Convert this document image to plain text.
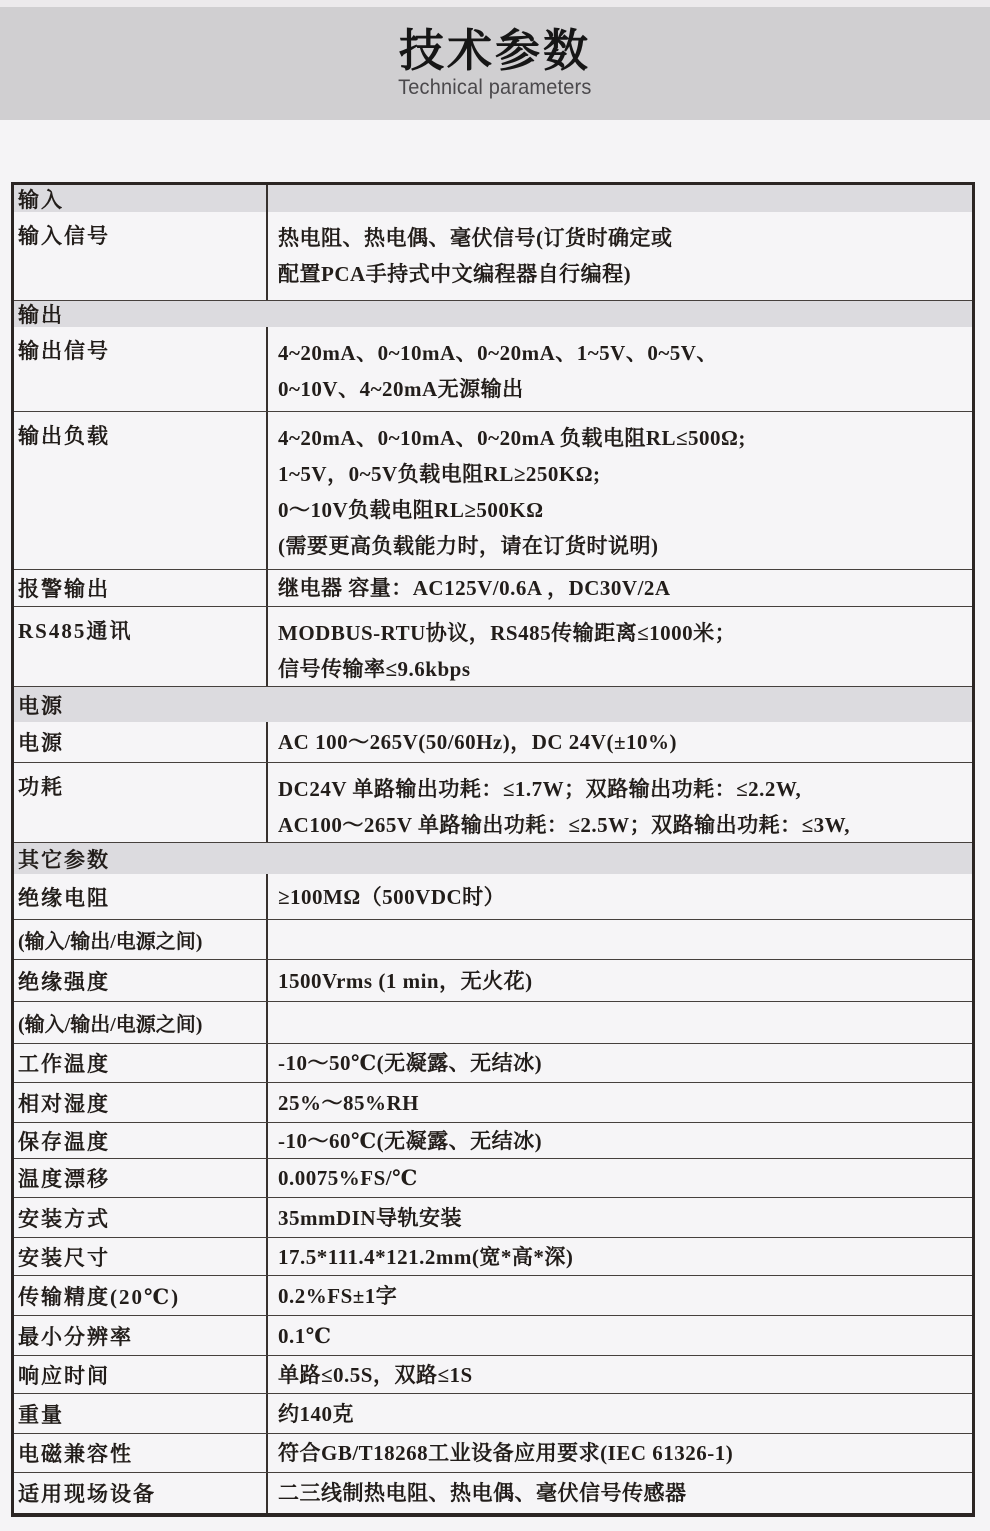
技术参数
Technical parameters
输入
输入信号	热电阻、热电偶、毫伏信号(订货时确定或
配置PCA手持式中文编程器自行编程)
输出
输出信号	4~20mA、0~10mA、0~20mA、1~5V、0~5V、
0~10V、4~20mA无源输出
输出负载	4~20mA、0~10mA、0~20mA 负载电阻RL≤500Ω;
1~5V，0~5V负载电阻RL≥250KΩ;
0～10V负载电阻RL≥500KΩ
(需要更高负载能力时，请在订货时说明)
报警输出	继电器 容量：AC125V/0.6A ，DC30V/2A
RS485通讯	MODBUS-RTU协议，RS485传输距离≤1000米；
信号传输率≤9.6kbps
电源
电源	AC 100～265V(50/60Hz)，DC 24V(±10%)
功耗	DC24V 单路输出功耗：≤1.7W；双路输出功耗：≤2.2W,
AC100～265V 单路输出功耗：≤2.5W；双路输出功耗：≤3W,
其它参数
绝缘电阻	≥100MΩ（500VDC时）
(输入/输出/电源之间)
绝缘强度	1500Vrms (1 min，无火花)
(输入/输出/电源之间)
工作温度	-10～50℃(无凝露、无结冰)
相对湿度	25%～85%RH
保存温度	-10～60℃(无凝露、无结冰)
温度漂移	0.0075%FS/℃
安装方式	35mmDIN导轨安装
安装尺寸	17.5*111.4*121.2mm(宽*高*深)
传输精度(20℃)	0.2%FS±1字
最小分辨率	0.1℃
响应时间	单路≤0.5S，双路≤1S
重量	约140克
电磁兼容性	符合GB/T18268工业设备应用要求(IEC 61326-1)
适用现场设备	二三线制热电阻、热电偶、毫伏信号传感器
